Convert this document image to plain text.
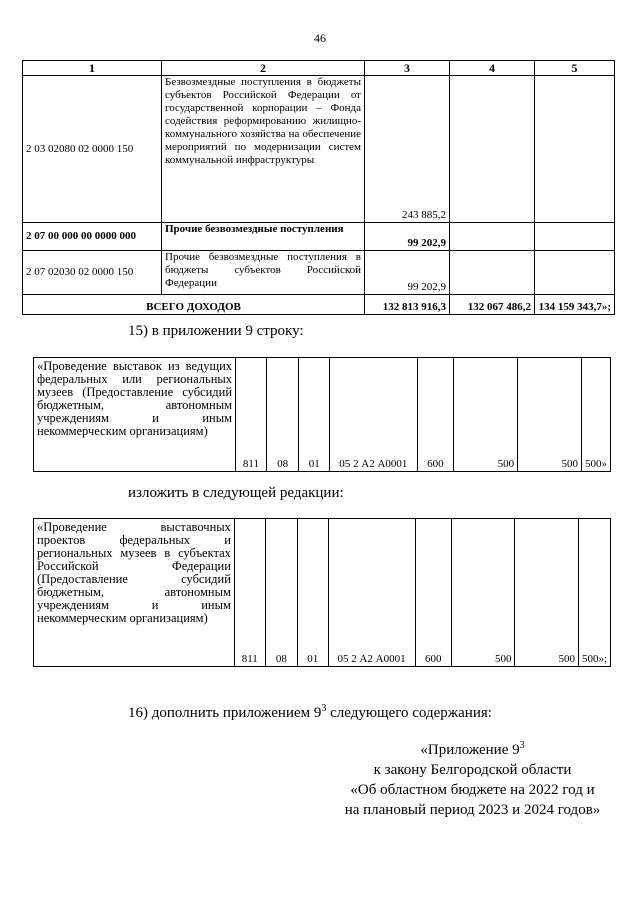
46
1	2	3	4	5
2 03 02080 02 0000 150	Безвозмездные поступления в бюджеты субъектов Российской Федерации от государственной корпорации – Фонда содействия реформированию жилищно-коммунального хозяйства на обеспечение мероприятий по модернизации систем коммунальной инфраструктуры	243 885,2		
2 07 00 000 00 0000 000	Прочие безвозмездные поступления	99 202,9		
2 07 02030 02 0000 150	Прочие безвозмездные поступления в бюджеты субъектов Российской Федерации	99 202,9		
ВСЕГО ДОХОДОВ		132 813 916,3	132 067 486,2	134 159 343,7»;
15) в приложении 9 строку:
«Проведение выставок из ведущих федеральных или региональных музеев (Предоставление субсидий бюджетным, автономным учреждениям и иным некоммерческим организациям)	811	08	01	05 2 А2 А0001	600	500	500	500»
изложить в следующей редакции:
«Проведение выставочных проектов федеральных и региональных музеев в субъектах Российской Федерации (Предоставление субсидий бюджетным, автономным учреждениям и иным некоммерческим организациям)	811	08	01	05 2 А2 А0001	600	500	500	500»;
16) дополнить приложением $9^3$ следующего содержания:
«Приложение $9^3$
к закону Белгородской области
«Об областном бюджете на 2022 год и
на плановый период 2023 и 2024 годов»
